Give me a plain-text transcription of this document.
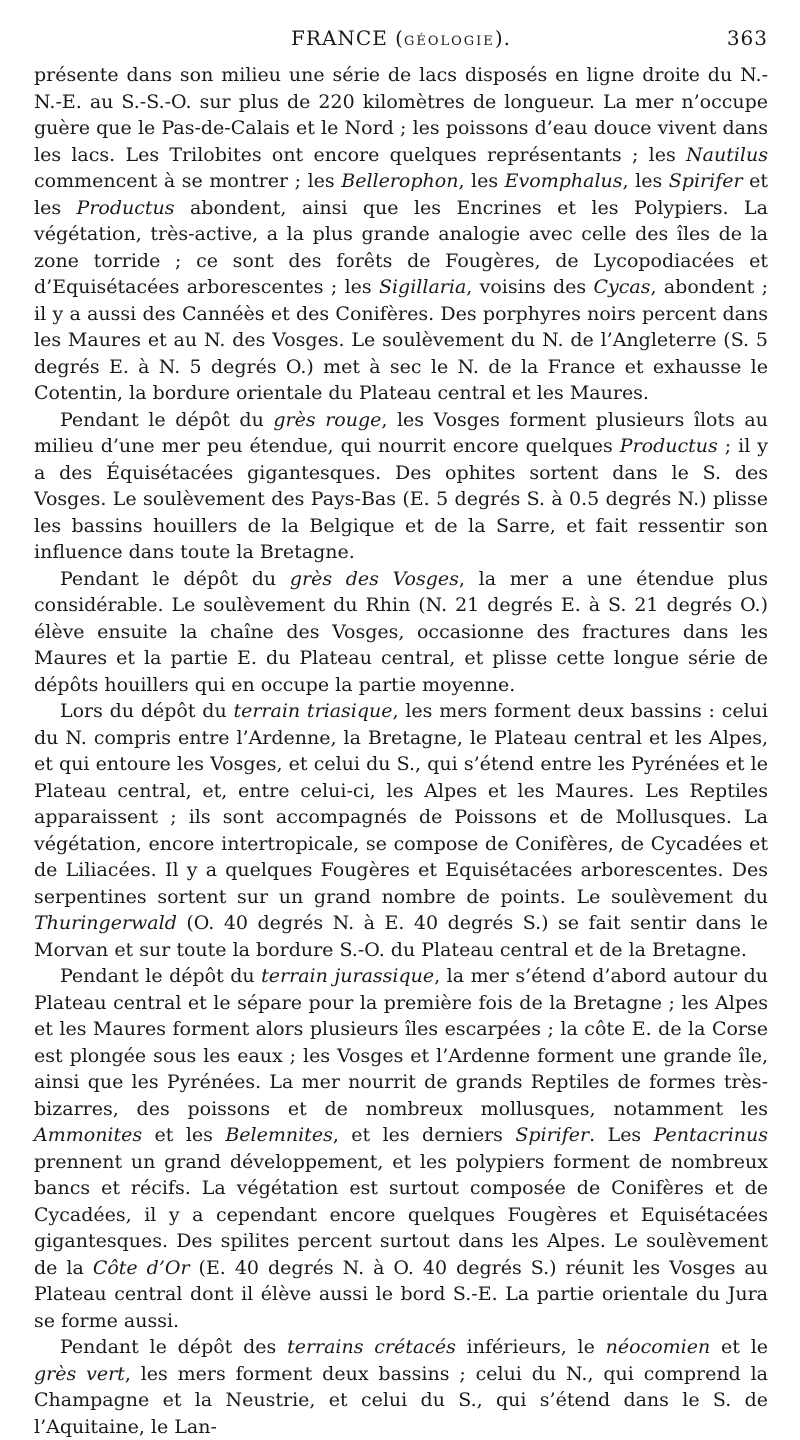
FRANCE (GÉOLOGIE).	363

présente dans son milieu une série de lacs disposés en ligne droite du N.-N.-E. au S.-S.-O. sur plus de 220 kilomètres de longueur. La mer n’occupe guère que le Pas-de-Calais et le Nord ; les poissons d’eau douce vivent dans les lacs. Les Trilobites ont encore quelques représentants ; les Nautilus commencent à se montrer ; les Bellerophon, les Evomphalus, les Spirifer et les Productus abondent, ainsi que les Encrines et les Polypiers. La végétation, très-active, a la plus grande analogie avec celle des îles de la zone torride ; ce sont des forêts de Fougères, de Lycopodiacées et d’Equisétacées arborescentes ; les Sigillaria, voisins des Cycas, abondent ; il y a aussi des Cannéès et des Conifères. Des porphyres noirs percent dans les Maures et au N. des Vosges. Le soulèvement du N. de l’Angleterre (S. 5 degrés E. à N. 5 degrés O.) met à sec le N. de la France et exhausse le Cotentin, la bordure orientale du Plateau central et les Maures.

Pendant le dépôt du grès rouge, les Vosges forment plusieurs îlots au milieu d’une mer peu étendue, qui nourrit encore quelques Productus ; il y a des Équisétacées gigantesques. Des ophites sortent dans le S. des Vosges. Le soulèvement des Pays-Bas (E. 5 degrés S. à 0.5 degrés N.) plisse les bassins houillers de la Belgique et de la Sarre, et fait ressentir son influence dans toute la Bretagne.

Pendant le dépôt du grès des Vosges, la mer a une étendue plus considérable. Le soulèvement du Rhin (N. 21 degrés E. à S. 21 degrés O.) élève ensuite la chaîne des Vosges, occasionne des fractures dans les Maures et la partie E. du Plateau central, et plisse cette longue série de dépôts houillers qui en occupe la partie moyenne.

Lors du dépôt du terrain triasique, les mers forment deux bassins : celui du N. compris entre l’Ardenne, la Bretagne, le Plateau central et les Alpes, et qui entoure les Vosges, et celui du S., qui s’étend entre les Pyrénées et le Plateau central, et, entre celui-ci, les Alpes et les Maures. Les Reptiles apparaissent ; ils sont accompagnés de Poissons et de Mollusques. La végétation, encore intertropicale, se compose de Conifères, de Cycadées et de Liliacées. Il y a quelques Fougères et Equisétacées arborescentes. Des serpentines sortent sur un grand nombre de points. Le soulèvement du Thuringerwald (O. 40 degrés N. à E. 40 degrés S.) se fait sentir dans le Morvan et sur toute la bordure S.-O. du Plateau central et de la Bretagne.

Pendant le dépôt du terrain jurassique, la mer s’étend d’abord autour du Plateau central et le sépare pour la première fois de la Bretagne ; les Alpes et les Maures forment alors plusieurs îles escarpées ; la côte E. de la Corse est plongée sous les eaux ; les Vosges et l’Ardenne forment une grande île, ainsi que les Pyrénées. La mer nourrit de grands Reptiles de formes très-bizarres, des poissons et de nombreux mollusques, notamment les Ammonites et les Belemnites, et les derniers Spirifer. Les Pentacrinus prennent un grand développement, et les polypiers forment de nombreux bancs et récifs. La végétation est surtout composée de Conifères et de Cycadées, il y a cependant encore quelques Fougères et Equisétacées gigantesques. Des spilites percent surtout dans les Alpes. Le soulèvement de la Côte d’Or (E. 40 degrés N. à O. 40 degrés S.) réunit les Vosges au Plateau central dont il élève aussi le bord S.-E. La partie orientale du Jura se forme aussi.

Pendant le dépôt des terrains crétacés inférieurs, le néocomien et le grès vert, les mers forment deux bassins ; celui du N., qui comprend la Champagne et la Neustrie, et celui du S., qui s’étend dans le S. de l’Aquitaine, le Lan-
